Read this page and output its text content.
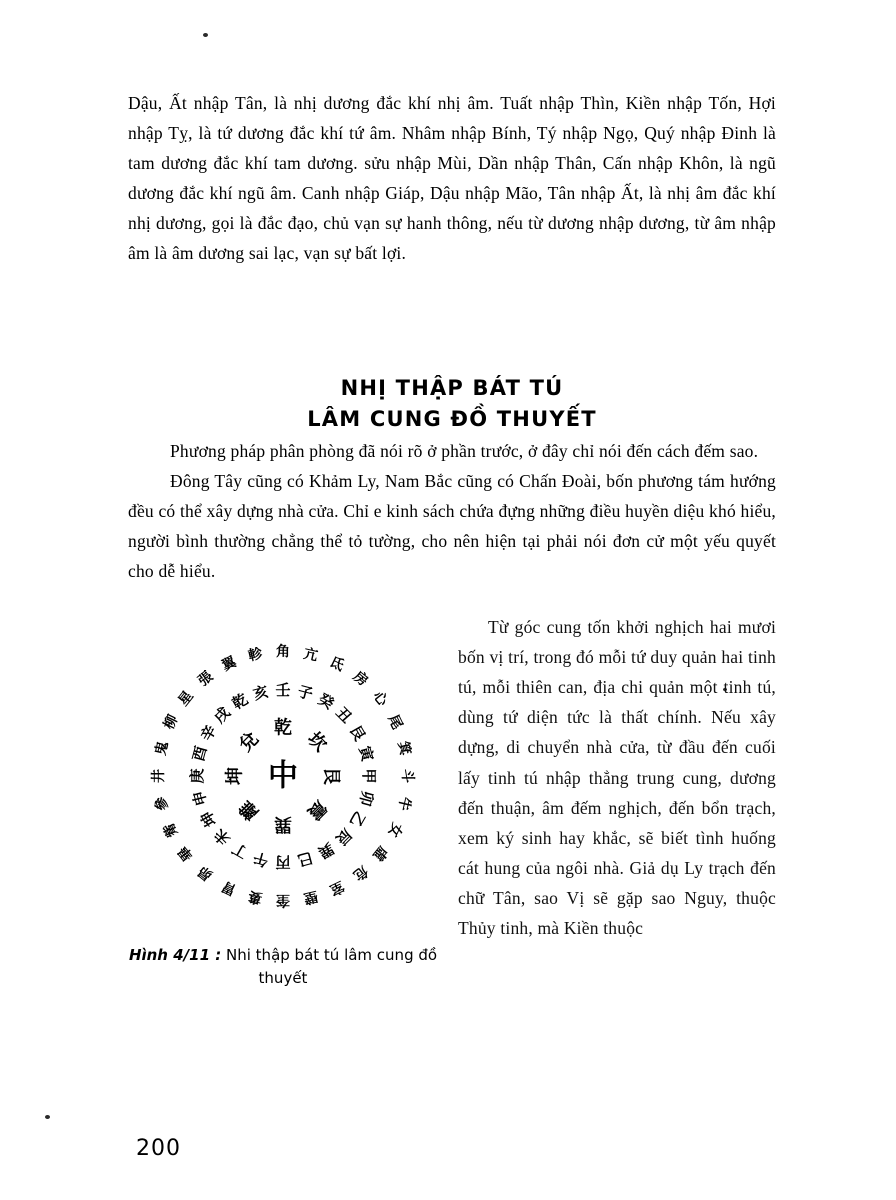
Dậu, Ất nhập Tân, là nhị dương đắc khí nhị âm. Tuất nhập Thìn, Kiền nhập Tốn, Hợi nhập Tỵ, là tứ dương đắc khí tứ âm. Nhâm nhập Bính, Tý nhập Ngọ, Quý nhập Đinh là tam dương đắc khí tam dương. sửu nhập Mùi, Dần nhập Thân, Cấn nhập Khôn, là ngũ dương đắc khí ngũ âm. Canh nhập Giáp, Dậu nhập Mão, Tân nhập Ất, là nhị âm đắc khí nhị dương, gọi là đắc đạo, chủ vạn sự hanh thông, nếu từ dương nhập dương, từ âm nhập âm là âm dương sai lạc, vạn sự bất lợi.

NHỊ THẬP BÁT TÚ
LÂM CUNG ĐỒ THUYẾT

Phương pháp phân phòng đã nói rõ ở phần trước, ở đây chỉ nói đến cách đếm sao.

Đông Tây cũng có Khảm Ly, Nam Bắc cũng có Chấn Đoài, bốn phương tám hướng đều có thể xây dựng nhà cửa. Chỉ e kinh sách chứa đựng những điều huyền diệu khó hiểu, người bình thường chẳng thể tỏ tường, cho nên hiện tại phải nói đơn cử một yếu quyết cho dễ hiểu.

中
乾
坎
艮
震
巽
離
坤
兌
壬 子 癸
丑
艮
寅
甲
卯
乙
辰
巽
巳
丙
午
丁
未
坤
申
庚
酉
辛
戌
乾 亥
角 亢 氐
房
心
尾
箕
斗
牛
女
虛
危
室
壁
奎
婁
胃
昴
畢
觜
參
井
鬼
柳
星
張
翼 軫
Hình 4/11 : Nhi thập bát tú lâm cung đồ thuyết

Từ góc cung tốn khởi nghịch hai mươi bốn vị trí, trong đó mỗi tứ duy quản hai tinh tú, mỗi thiên can, địa chi quản một tinh tú, dùng tứ diện tức là thất chính. Nếu xây dựng, di chuyển nhà cửa, từ đầu đến cuối lấy tinh tú nhập thẳng trung cung, dương đến thuận, âm đếm nghịch, đến bổn trạch, xem ký sinh hay khắc, sẽ biết tình huống cát hung của ngôi nhà. Giả dụ Ly trạch đến chữ Tân, sao Vị sẽ gặp sao Nguy, thuộc Thủy tinh, mà Kiền thuộc

200
